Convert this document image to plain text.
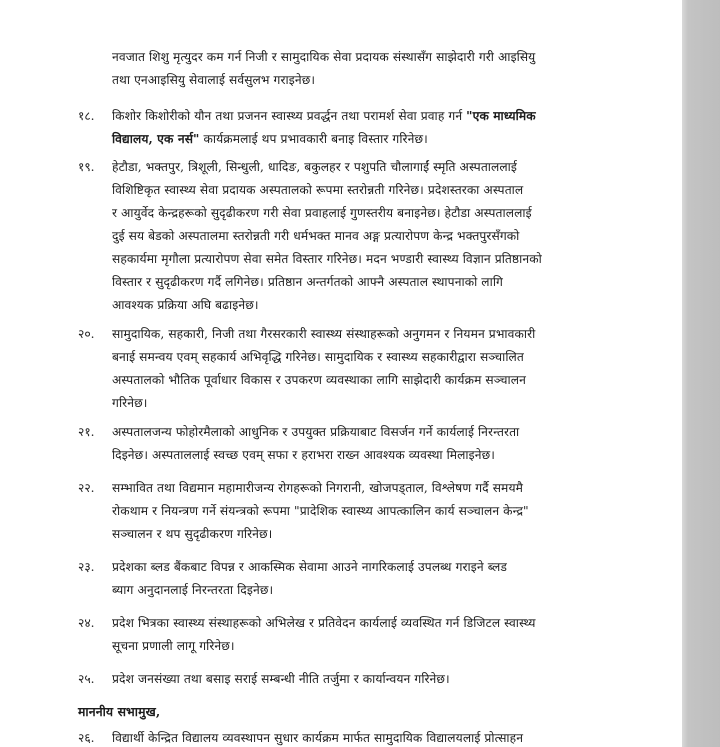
नवजात शिशु मृत्युदर कम गर्न निजी र सामुदायिक सेवा प्रदायक संस्थासँग साझेदारी गरी आइसियु
तथा एनआइसियु सेवालाई सर्वसुलभ गराइनेछ।
१८. किशोर किशोरीको यौन तथा प्रजनन स्वास्थ्य प्रवर्द्धन तथा परामर्श सेवा प्रवाह गर्न "एक माध्यमिक
विद्यालय, एक नर्स" कार्यक्रमलाई थप प्रभावकारी बनाइ विस्तार गरिनेछ।
१९. हेटौडा, भक्तपुर, त्रिशूली, सिन्धुली, धादिङ, बकुलहर र पशुपति चौलागाईं स्मृति अस्पताललाई
विशिष्टिकृत स्वास्थ्य सेवा प्रदायक अस्पतालको रूपमा स्तरोन्नती गरिनेछ। प्रदेशस्तरका अस्पताल
र आयुर्वेद केन्द्रहरूको सुदृढीकरण गरी सेवा प्रवाहलाई गुणस्तरीय बनाइनेछ। हेटौडा अस्पताललाई
दुई सय बेडको अस्पतालमा स्तरोन्नती गरी धर्मभक्त मानव अङ्ग प्रत्यारोपण केन्द्र भक्तपुरसँगको
सहकार्यमा मृगौला प्रत्यारोपण सेवा समेत विस्तार गरिनेछ। मदन भण्डारी स्वास्थ्य विज्ञान प्रतिष्ठानको
विस्तार र सुदृढीकरण गर्दै लगिनेछ। प्रतिष्ठान अन्तर्गतको आफ्नै अस्पताल स्थापनाको लागि
आवश्यक प्रक्रिया अघि बढाइनेछ।
२०. सामुदायिक, सहकारी, निजी तथा गैरसरकारी स्वास्थ्य संस्थाहरूको अनुगमन र नियमन प्रभावकारी
बनाई समन्वय एवम् सहकार्य अभिवृद्धि गरिनेछ। सामुदायिक र स्वास्थ्य सहकारीद्वारा सञ्चालित
अस्पतालको भौतिक पूर्वाधार विकास र उपकरण व्यवस्थाका लागि साझेदारी कार्यक्रम सञ्चालन
गरिनेछ।
२१. अस्पतालजन्य फोहोरमैलाको आधुनिक र उपयुक्त प्रक्रियाबाट विसर्जन गर्ने कार्यलाई निरन्तरता
दिइनेछ। अस्पताललाई स्वच्छ एवम् सफा र हराभरा राख्न आवश्यक व्यवस्था मिलाइनेछ।
२२. सम्भावित तथा विद्यमान महामारीजन्य रोगहरूको निगरानी, खोजपड्ताल, विश्लेषण गर्दै समयमै
रोकथाम र नियन्त्रण गर्ने संयन्त्रको रूपमा "प्रादेशिक स्वास्थ्य आपत्कालिन कार्य सञ्चालन केन्द्र"
सञ्चालन र थप सुदृढीकरण गरिनेछ।
२३. प्रदेशका ब्लड बैंकबाट विपन्न र आकस्मिक सेवामा आउने नागरिकलाई उपलब्ध गराइने ब्लड
ब्याग अनुदानलाई निरन्तरता दिइनेछ।
२४. प्रदेश भित्रका स्वास्थ्य संस्थाहरूको अभिलेख र प्रतिवेदन कार्यलाई व्यवस्थित गर्न डिजिटल स्वास्थ्य
सूचना प्रणाली लागू गरिनेछ।
२५. प्रदेश जनसंख्या तथा बसाइ सराई सम्बन्धी नीति तर्जुमा र कार्यान्वयन गरिनेछ।
माननीय सभामुख,
२६. विद्यार्थी केन्द्रित विद्यालय व्यवस्थापन सुधार कार्यक्रम मार्फत सामुदायिक विद्यालयलाई प्रोत्साहन
